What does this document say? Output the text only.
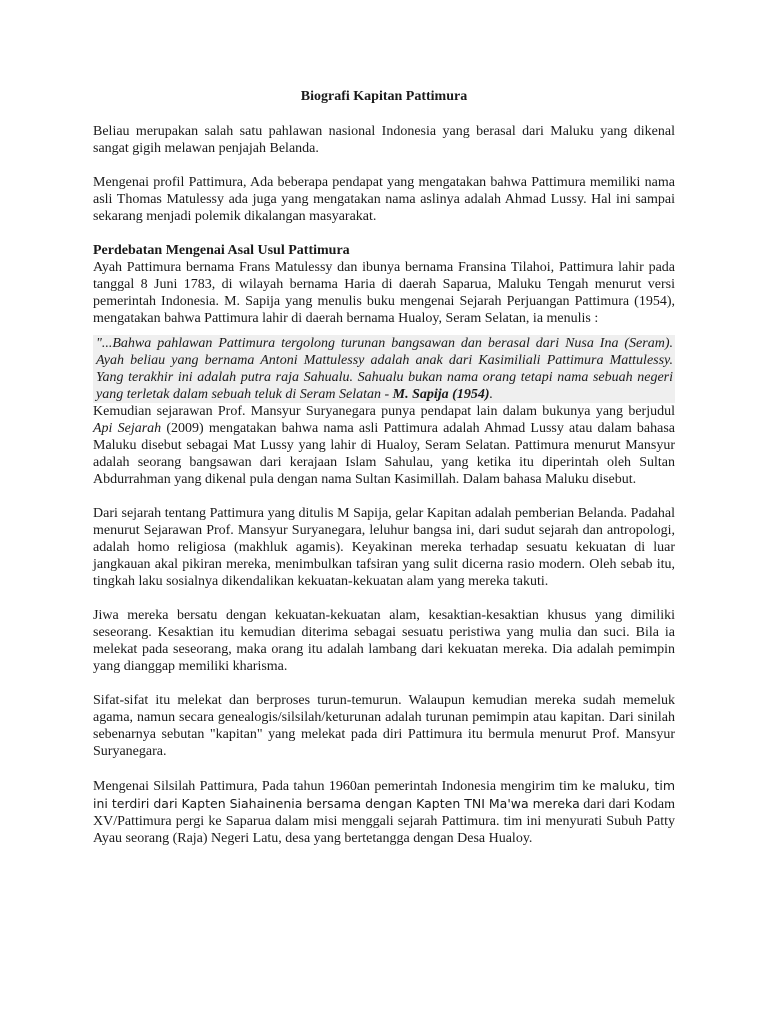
Biografi Kapitan Pattimura

Beliau merupakan salah satu pahlawan nasional Indonesia yang berasal dari Maluku yang dikenal sangat gigih melawan penjajah Belanda.

Mengenai profil Pattimura, Ada beberapa pendapat yang mengatakan bahwa Pattimura memiliki nama asli Thomas Matulessy ada juga yang mengatakan nama aslinya adalah Ahmad Lussy. Hal ini sampai sekarang menjadi polemik dikalangan masyarakat.

Perdebatan Mengenai Asal Usul Pattimura

Ayah Pattimura bernama Frans Matulessy dan ibunya bernama Fransina Tilahoi, Pattimura lahir pada tanggal 8 Juni 1783, di wilayah bernama Haria di daerah Saparua, Maluku Tengah menurut versi pemerintah Indonesia. M. Sapija yang menulis buku mengenai Sejarah Perjuangan Pattimura (1954), mengatakan bahwa Pattimura lahir di daerah bernama Hualoy, Seram Selatan, ia menulis :

"...Bahwa pahlawan Pattimura tergolong turunan bangsawan dan berasal dari Nusa Ina (Seram). Ayah beliau yang bernama Antoni Mattulessy adalah anak dari Kasimiliali Pattimura Mattulessy. Yang terakhir ini adalah putra raja Sahualu. Sahualu bukan nama orang tetapi nama sebuah negeri yang terletak dalam sebuah teluk di Seram Selatan - M. Sapija (1954).

Kemudian sejarawan Prof. Mansyur Suryanegara punya pendapat lain dalam bukunya yang berjudul Api Sejarah (2009) mengatakan bahwa nama asli Pattimura adalah Ahmad Lussy atau dalam bahasa Maluku disebut sebagai Mat Lussy yang lahir di Hualoy, Seram Selatan. Pattimura menurut Mansyur adalah seorang bangsawan dari kerajaan Islam Sahulau, yang ketika itu diperintah oleh Sultan Abdurrahman yang dikenal pula dengan nama Sultan Kasimillah. Dalam bahasa Maluku disebut.

Dari sejarah tentang Pattimura yang ditulis M Sapija, gelar Kapitan adalah pemberian Belanda. Padahal menurut Sejarawan Prof. Mansyur Suryanegara, leluhur bangsa ini, dari sudut sejarah dan antropologi, adalah homo religiosa (makhluk agamis). Keyakinan mereka terhadap sesuatu kekuatan di luar jangkauan akal pikiran mereka, menimbulkan tafsiran yang sulit dicerna rasio modern. Oleh sebab itu, tingkah laku sosialnya dikendalikan kekuatan-kekuatan alam yang mereka takuti.

Jiwa mereka bersatu dengan kekuatan-kekuatan alam, kesaktian-kesaktian khusus yang dimiliki seseorang. Kesaktian itu kemudian diterima sebagai sesuatu peristiwa yang mulia dan suci. Bila ia melekat pada seseorang, maka orang itu adalah lambang dari kekuatan mereka. Dia adalah pemimpin yang dianggap memiliki kharisma.

Sifat-sifat itu melekat dan berproses turun-temurun. Walaupun kemudian mereka sudah memeluk agama, namun secara genealogis/silsilah/keturunan adalah turunan pemimpin atau kapitan. Dari sinilah sebenarnya sebutan "kapitan" yang melekat pada diri Pattimura itu bermula menurut Prof. Mansyur Suryanegara.

Mengenai Silsilah Pattimura, Pada tahun 1960an pemerintah Indonesia mengirim tim ke maluku, tim ini terdiri dari Kapten Siahainenia bersama dengan Kapten TNI Ma'wa mereka dari dari Kodam XV/Pattimura pergi ke Saparua dalam misi menggali sejarah Pattimura. tim ini menyurati Subuh Patty Ayau seorang (Raja) Negeri Latu, desa yang bertetangga dengan Desa Hualoy.
